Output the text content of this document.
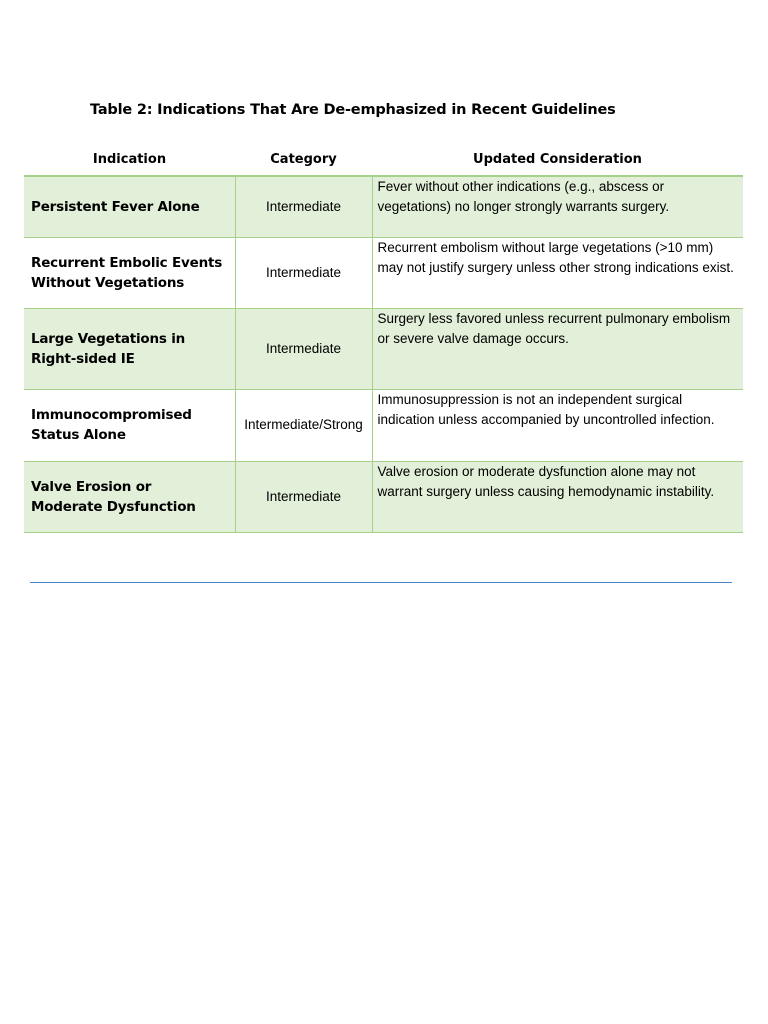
Table 2: Indications That Are De-emphasized in Recent Guidelines
Indication	Category	Updated Consideration
Persistent Fever Alone	Intermediate	Fever without other indications (e.g., abscess or vegetations) no longer strongly warrants surgery.
Recurrent Embolic Events Without Vegetations	Intermediate	Recurrent embolism without large vegetations (>10 mm) may not justify surgery unless other strong indications exist.
Large Vegetations in Right-sided IE	Intermediate	Surgery less favored unless recurrent pulmonary embolism or severe valve damage occurs.
Immunocompromised Status Alone	Intermediate/Strong	Immunosuppression is not an independent surgical indication unless accompanied by uncontrolled infection.
Valve Erosion or Moderate Dysfunction	Intermediate	Valve erosion or moderate dysfunction alone may not warrant surgery unless causing hemodynamic instability.
